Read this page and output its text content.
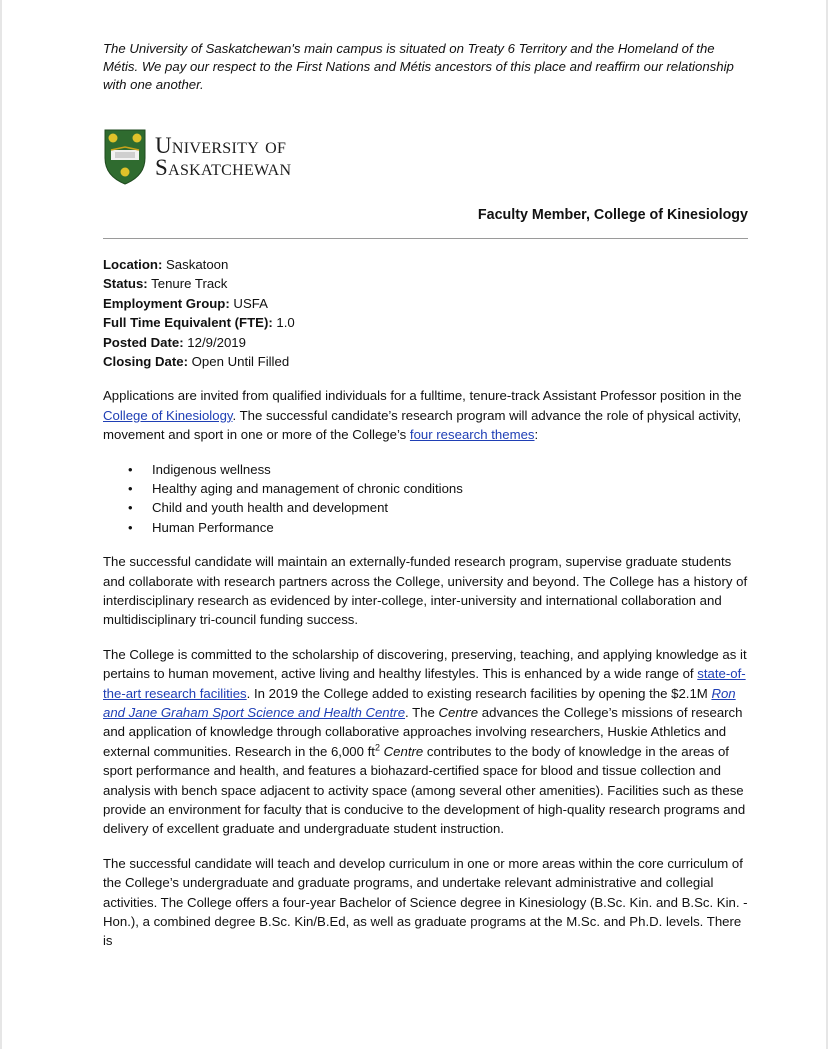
The University of Saskatchewan's main campus is situated on Treaty 6 Territory and the Homeland of the Métis. We pay our respect to the First Nations and Métis ancestors of this place and reaffirm our relationship with one another.

University of
Saskatchewan
Faculty Member, College of Kinesiology
Location: Saskatoon
Status: Tenure Track
Employment Group: USFA
Full Time Equivalent (FTE): 1.0
Posted Date: 12/9/2019
Closing Date: Open Until Filled

Applications are invited from qualified individuals for a fulltime, tenure-track Assistant Professor position in the College of Kinesiology. The successful candidate’s research program will advance the role of physical activity, movement and sport in one or more of the College’s four research themes:

• Indigenous wellness
• Healthy aging and management of chronic conditions
• Child and youth health and development
• Human Performance

The successful candidate will maintain an externally-funded research program, supervise graduate students and collaborate with research partners across the College, university and beyond. The College has a history of interdisciplinary research as evidenced by inter-college, inter-university and international collaboration and multidisciplinary tri-council funding success.

The College is committed to the scholarship of discovering, preserving, teaching, and applying knowledge as it pertains to human movement, active living and healthy lifestyles. This is enhanced by a wide range of state-of-the-art research facilities. In 2019 the College added to existing research facilities by opening the $2.1M Ron and Jane Graham Sport Science and Health Centre. The Centre advances the College’s missions of research and application of knowledge through collaborative approaches involving researchers, Huskie Athletics and external communities. Research in the 6,000 $ft^2$ Centre contributes to the body of knowledge in the areas of sport performance and health, and features a biohazard-certified space for blood and tissue collection and analysis with bench space adjacent to activity space (among several other amenities). Facilities such as these provide an environment for faculty that is conducive to the development of high-quality research programs and delivery of excellent graduate and undergraduate student instruction.

The successful candidate will teach and develop curriculum in one or more areas within the core curriculum of the College’s undergraduate and graduate programs, and undertake relevant administrative and collegial activities. The College offers a four-year Bachelor of Science degree in Kinesiology (B.Sc. Kin. and B.Sc. Kin. - Hon.), a combined degree B.Sc. Kin/B.Ed, as well as graduate programs at the M.Sc. and Ph.D. levels. There is
